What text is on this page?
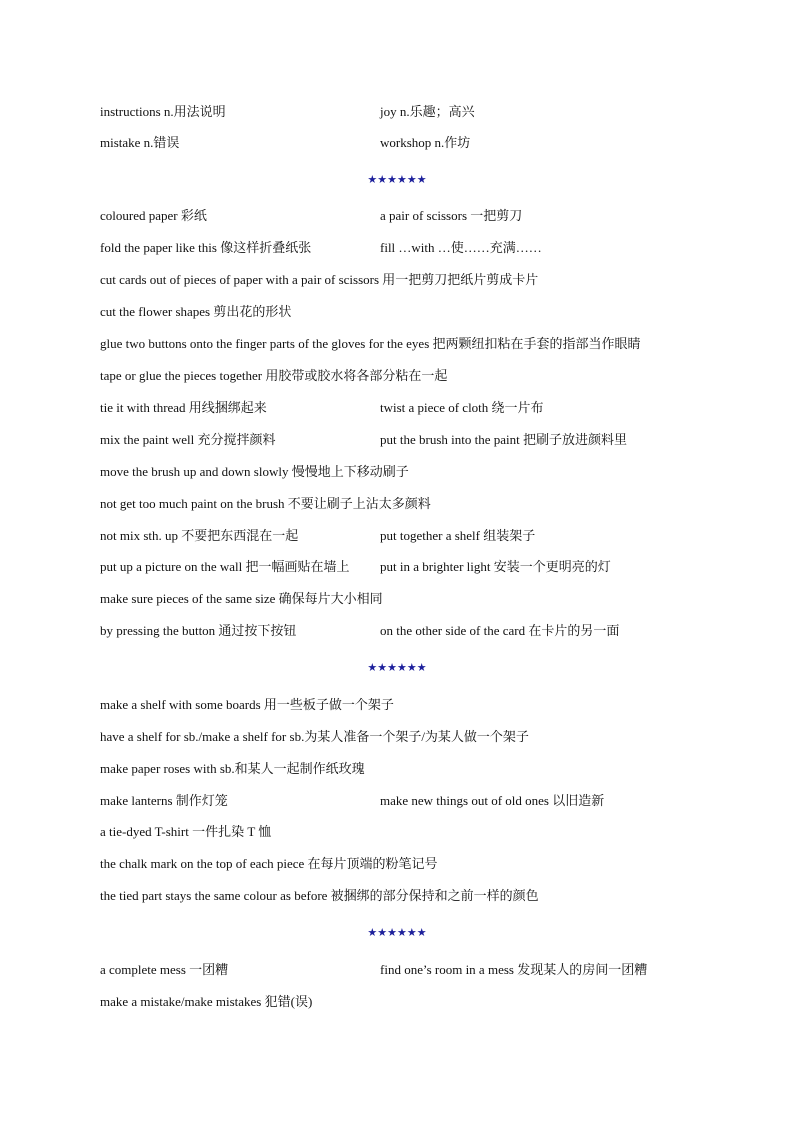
instructions n.用法说明	joy n.乐趣；高兴
mistake n.错误	workshop n.作坊
★★★★★★
coloured paper 彩纸	a pair of scissors 一把剪刀
fold the paper like this 像这样折叠纸张	fill …with …使……充满……
cut cards out of pieces of paper with a pair of scissors 用一把剪刀把纸片剪成卡片
cut the flower shapes 剪出花的形状
glue two buttons onto the finger parts of the gloves for the eyes 把两颗纽扣粘在手套的指部当作眼睛
tape or glue the pieces together 用胶带或胶水将各部分粘在一起
tie it with thread 用线捆绑起来	twist a piece of cloth 绕一片布
mix the paint well 充分搅拌颜料	put the brush into the paint 把刷子放进颜料里
move the brush up and down slowly 慢慢地上下移动刷子
not get too much paint on the brush 不要让刷子上沾太多颜料
not mix sth. up 不要把东西混在一起	put together a shelf 组装架子
put up a picture on the wall 把一幅画贴在墙上 put in a brighter light 安装一个更明亮的灯
make sure pieces of the same size 确保每片大小相同
by pressing the button 通过按下按钮	on the other side of the card 在卡片的另一面
★★★★★★
make a shelf with some boards 用一些板子做一个架子
have a shelf for sb./make a shelf for sb.为某人准备一个架子/为某人做一个架子
make paper roses with sb.和某人一起制作纸玫瑰
make lanterns 制作灯笼	make new things out of old ones 以旧造新
a tie-dyed T-shirt 一件扎染 T 恤
the chalk mark on the top of each piece 在每片顶端的粉笔记号
the tied part stays the same colour as before 被捆绑的部分保持和之前一样的颜色
★★★★★★
a complete mess 一团糟	find one’s room in a mess 发现某人的房间一团糟
make a mistake/make mistakes 犯错(误)
